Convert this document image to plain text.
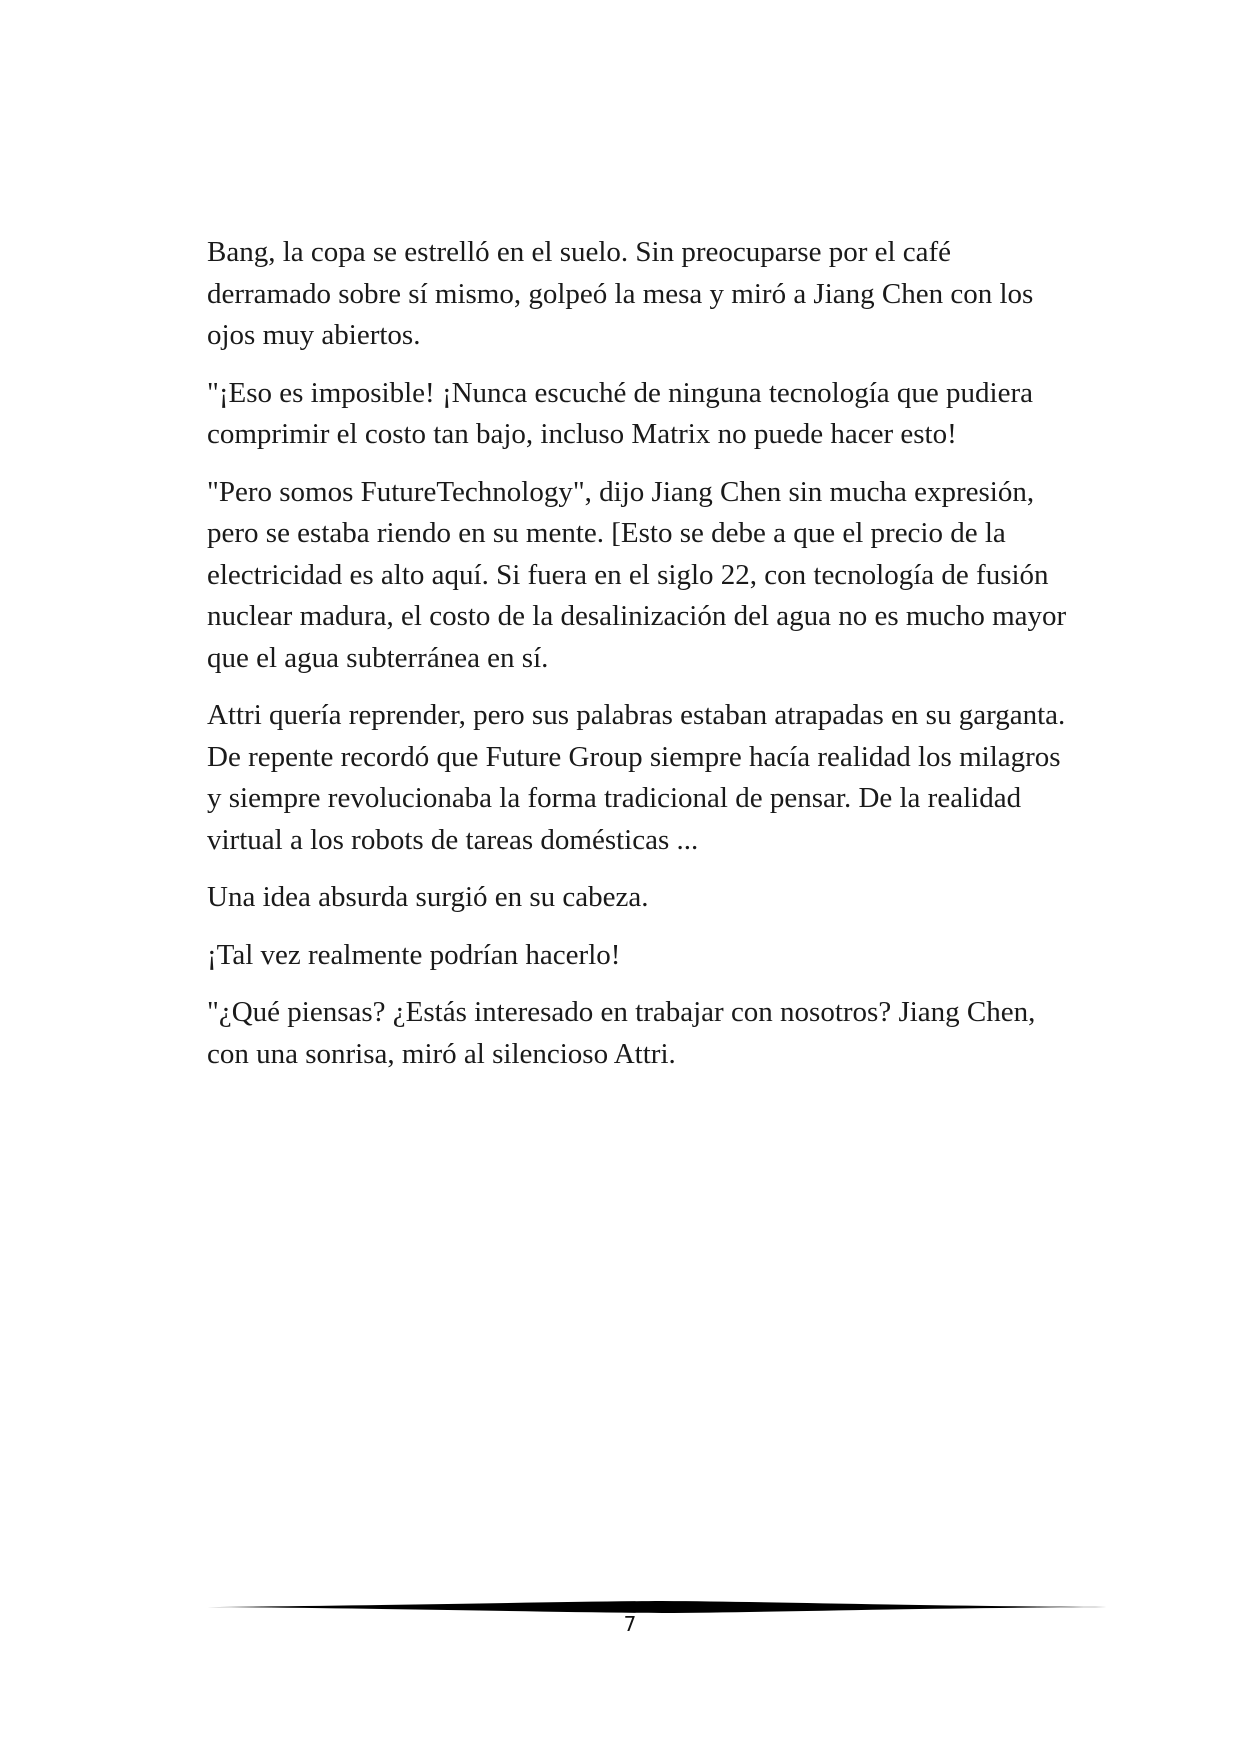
Bang, la copa se estrelló en el suelo. Sin preocuparse por el café derramado sobre sí mismo, golpeó la mesa y miró a Jiang Chen con los ojos muy abiertos.

"¡Eso es imposible! ¡Nunca escuché de ninguna tecnología que pudiera comprimir el costo tan bajo, incluso Matrix no puede hacer esto!

"Pero somos FutureTechnology", dijo Jiang Chen sin mucha expresión, pero se estaba riendo en su mente. [Esto se debe a que el precio de la electricidad es alto aquí. Si fuera en el siglo 22, con tecnología de fusión nuclear madura, el costo de la desalinización del agua no es mucho mayor que el agua subterránea en sí.

Attri quería reprender, pero sus palabras estaban atrapadas en su garganta. De repente recordó que Future Group siempre hacía realidad los milagros y siempre revolucionaba la forma tradicional de pensar. De la realidad virtual a los robots de tareas domésticas ...

Una idea absurda surgió en su cabeza.

¡Tal vez realmente podrían hacerlo!

"¿Qué piensas? ¿Estás interesado en trabajar con nosotros? Jiang Chen, con una sonrisa, miró al silencioso Attri.

7
